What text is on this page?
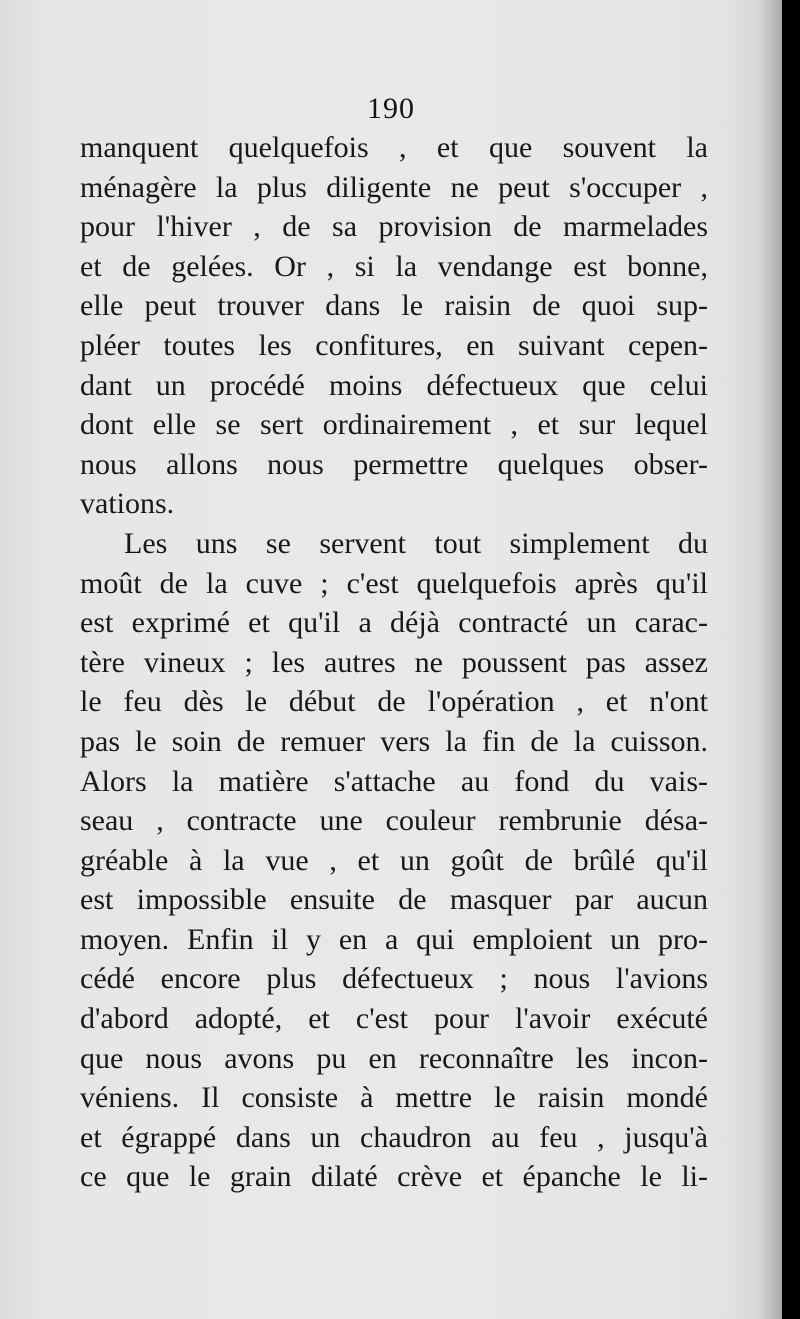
190
manquent quelquefois , et que souvent la
ménagère la plus diligente ne peut s'occuper ,
pour l'hiver , de sa provision de marmelades
et de gelées. Or , si la vendange est bonne,
elle peut trouver dans le raisin de quoi sup-
pléer toutes les confitures, en suivant cepen-
dant un procédé moins défectueux que celui
dont elle se sert ordinairement , et sur lequel
nous allons nous permettre quelques obser-
vations.
Les uns se servent tout simplement du
moût de la cuve ; c'est quelquefois après qu'il
est exprimé et qu'il a déjà contracté un carac-
tère vineux ; les autres ne poussent pas assez
le feu dès le début de l'opération , et n'ont
pas le soin de remuer vers la fin de la cuisson.
Alors la matière s'attache au fond du vais-
seau , contracte une couleur rembrunie désa-
gréable à la vue , et un goût de brûlé qu'il
est impossible ensuite de masquer par aucun
moyen. Enfin il y en a qui emploient un pro-
cédé encore plus défectueux ; nous l'avions
d'abord adopté, et c'est pour l'avoir exécuté
que nous avons pu en reconnaître les incon-
véniens. Il consiste à mettre le raisin mondé
et égrappé dans un chaudron au feu , jusqu'à
ce que le grain dilaté crève et épanche le li-
